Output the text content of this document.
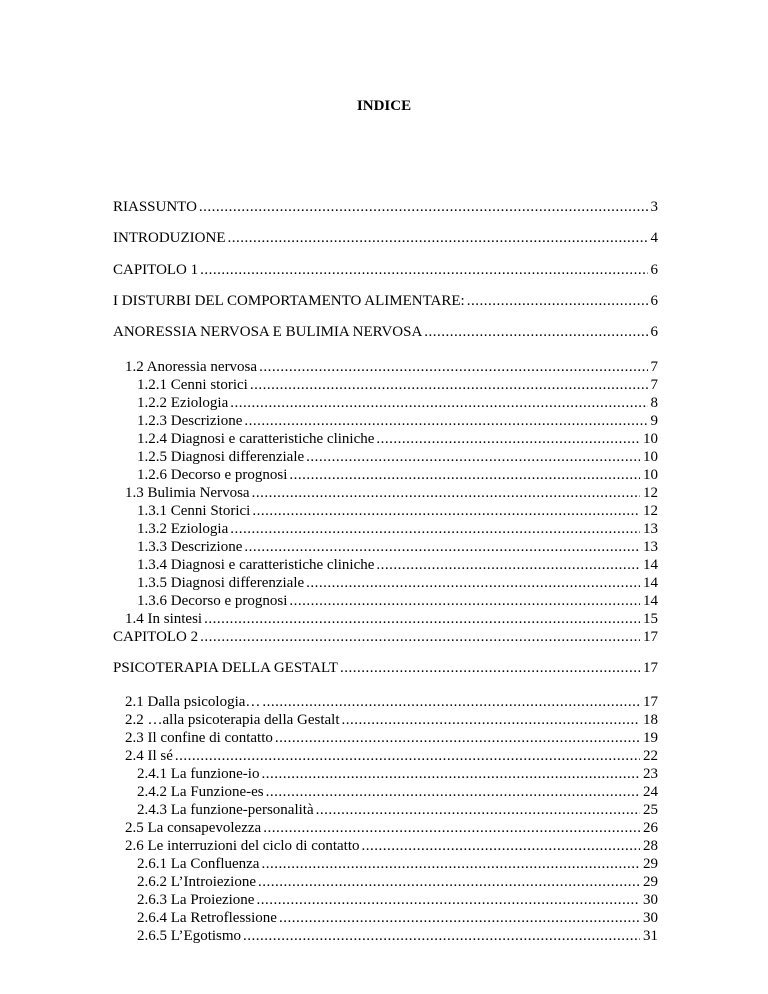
INDICE
RIASSUNTO .....	3
INTRODUZIONE .....	4
CAPITOLO 1 .....	6
I DISTURBI DEL COMPORTAMENTO ALIMENTARE: .....	6
ANORESSIA NERVOSA E BULIMIA NERVOSA .....	6
1.2 Anoressia nervosa .....	7
1.2.1 Cenni storici .....	7
1.2.2 Eziologia .....	8
1.2.3 Descrizione .....	9
1.2.4 Diagnosi e caratteristiche cliniche .....	10
1.2.5 Diagnosi differenziale .....	10
1.2.6 Decorso e prognosi .....	10
1.3 Bulimia Nervosa .....	12
1.3.1 Cenni Storici .....	12
1.3.2 Eziologia .....	13
1.3.3 Descrizione .....	13
1.3.4 Diagnosi e caratteristiche cliniche .....	14
1.3.5 Diagnosi differenziale .....	14
1.3.6 Decorso e prognosi .....	14
1.4 In sintesi .....	15
CAPITOLO 2 .....	17
PSICOTERAPIA DELLA GESTALT .....	17
2.1 Dalla psicologia… .....	17
2.2 …alla psicoterapia della Gestalt .....	18
2.3 Il confine di contatto .....	19
2.4 Il sé .....	22
2.4.1 La funzione-io .....	23
2.4.2 La Funzione-es .....	24
2.4.3 La funzione-personalità .....	25
2.5 La consapevolezza .....	26
2.6 Le interruzioni del ciclo di contatto .....	28
2.6.1 La Confluenza .....	29
2.6.2 L’Introiezione .....	29
2.6.3 La Proiezione .....	30
2.6.4 La Retroflessione .....	30
2.6.5 L’Egotismo .....	31
